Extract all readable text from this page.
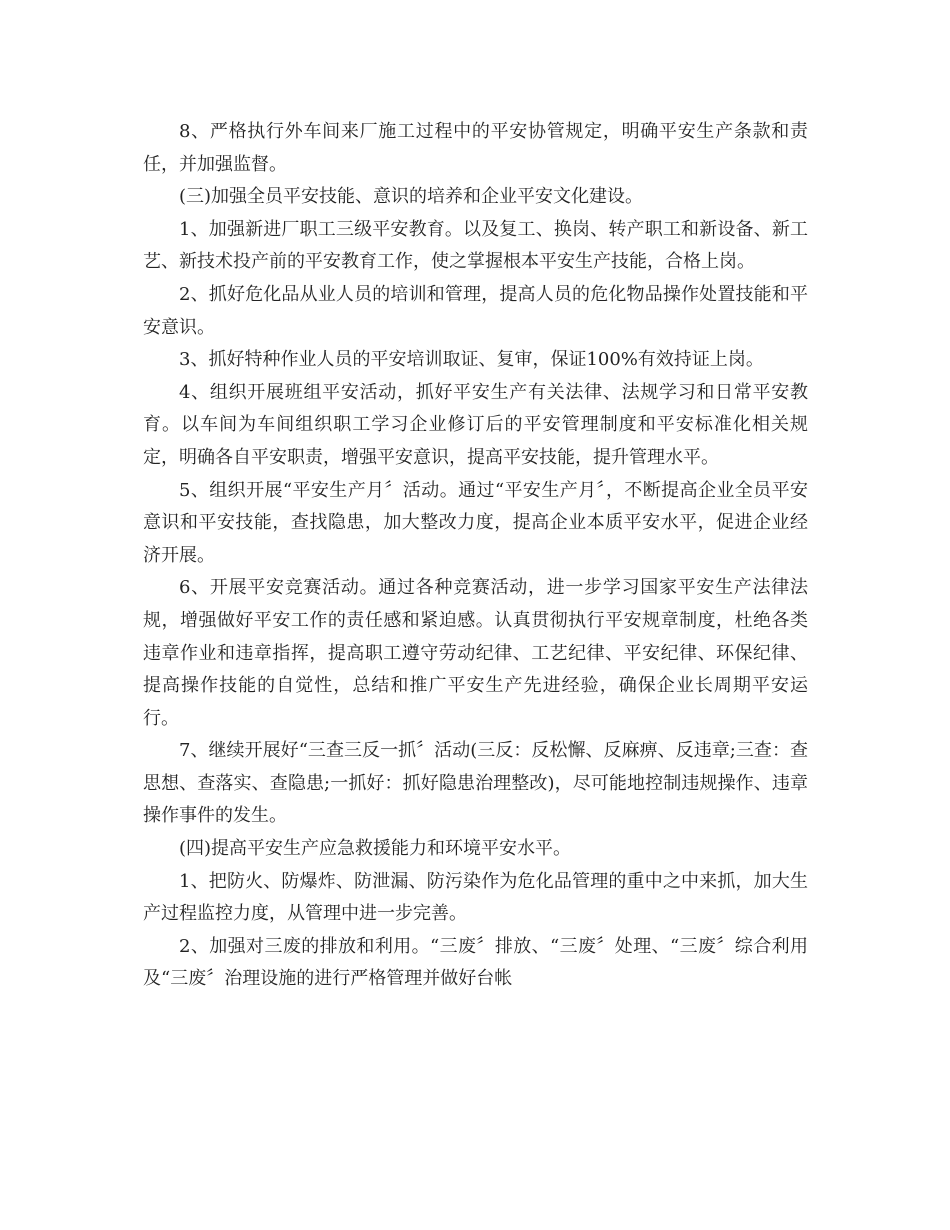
8、严格执行外车间来厂施工过程中的平安协管规定，明确平安生产条款和责任，并加强监督。

(三)加强全员平安技能、意识的培养和企业平安文化建设。

1、加强新进厂职工三级平安教育。以及复工、换岗、转产职工和新设备、新工艺、新技术投产前的平安教育工作，使之掌握根本平安生产技能，合格上岗。

2、抓好危化品从业人员的培训和管理，提高人员的危化物品操作处置技能和平安意识。

3、抓好特种作业人员的平安培训取证、复审，保证100%有效持证上岗。

4、组织开展班组平安活动，抓好平安生产有关法律、法规学习和日常平安教育。以车间为车间组织职工学习企业修订后的平安管理制度和平安标准化相关规定，明确各自平安职责，增强平安意识，提高平安技能，提升管理水平。

5、组织开展“平安生产月〞活动。通过“平安生产月〞，不断提高企业全员平安意识和平安技能，查找隐患，加大整改力度，提高企业本质平安水平，促进企业经济开展。

6、开展平安竞赛活动。通过各种竞赛活动，进一步学习国家平安生产法律法规，增强做好平安工作的责任感和紧迫感。认真贯彻执行平安规章制度，杜绝各类违章作业和违章指挥，提高职工遵守劳动纪律、工艺纪律、平安纪律、环保纪律、提高操作技能的自觉性，总结和推广平安生产先进经验，确保企业长周期平安运行。

7、继续开展好“三查三反一抓〞活动(三反：反松懈、反麻痹、反违章;三查：查思想、查落实、查隐患;一抓好：抓好隐患治理整改)，尽可能地控制违规操作、违章操作事件的发生。

(四)提高平安生产应急救援能力和环境平安水平。

1、把防火、防爆炸、防泄漏、防污染作为危化品管理的重中之中来抓，加大生产过程监控力度，从管理中进一步完善。

2、加强对三废的排放和利用。“三废〞排放、“三废〞处理、“三废〞综合利用及“三废〞治理设施的进行严格管理并做好台帐
